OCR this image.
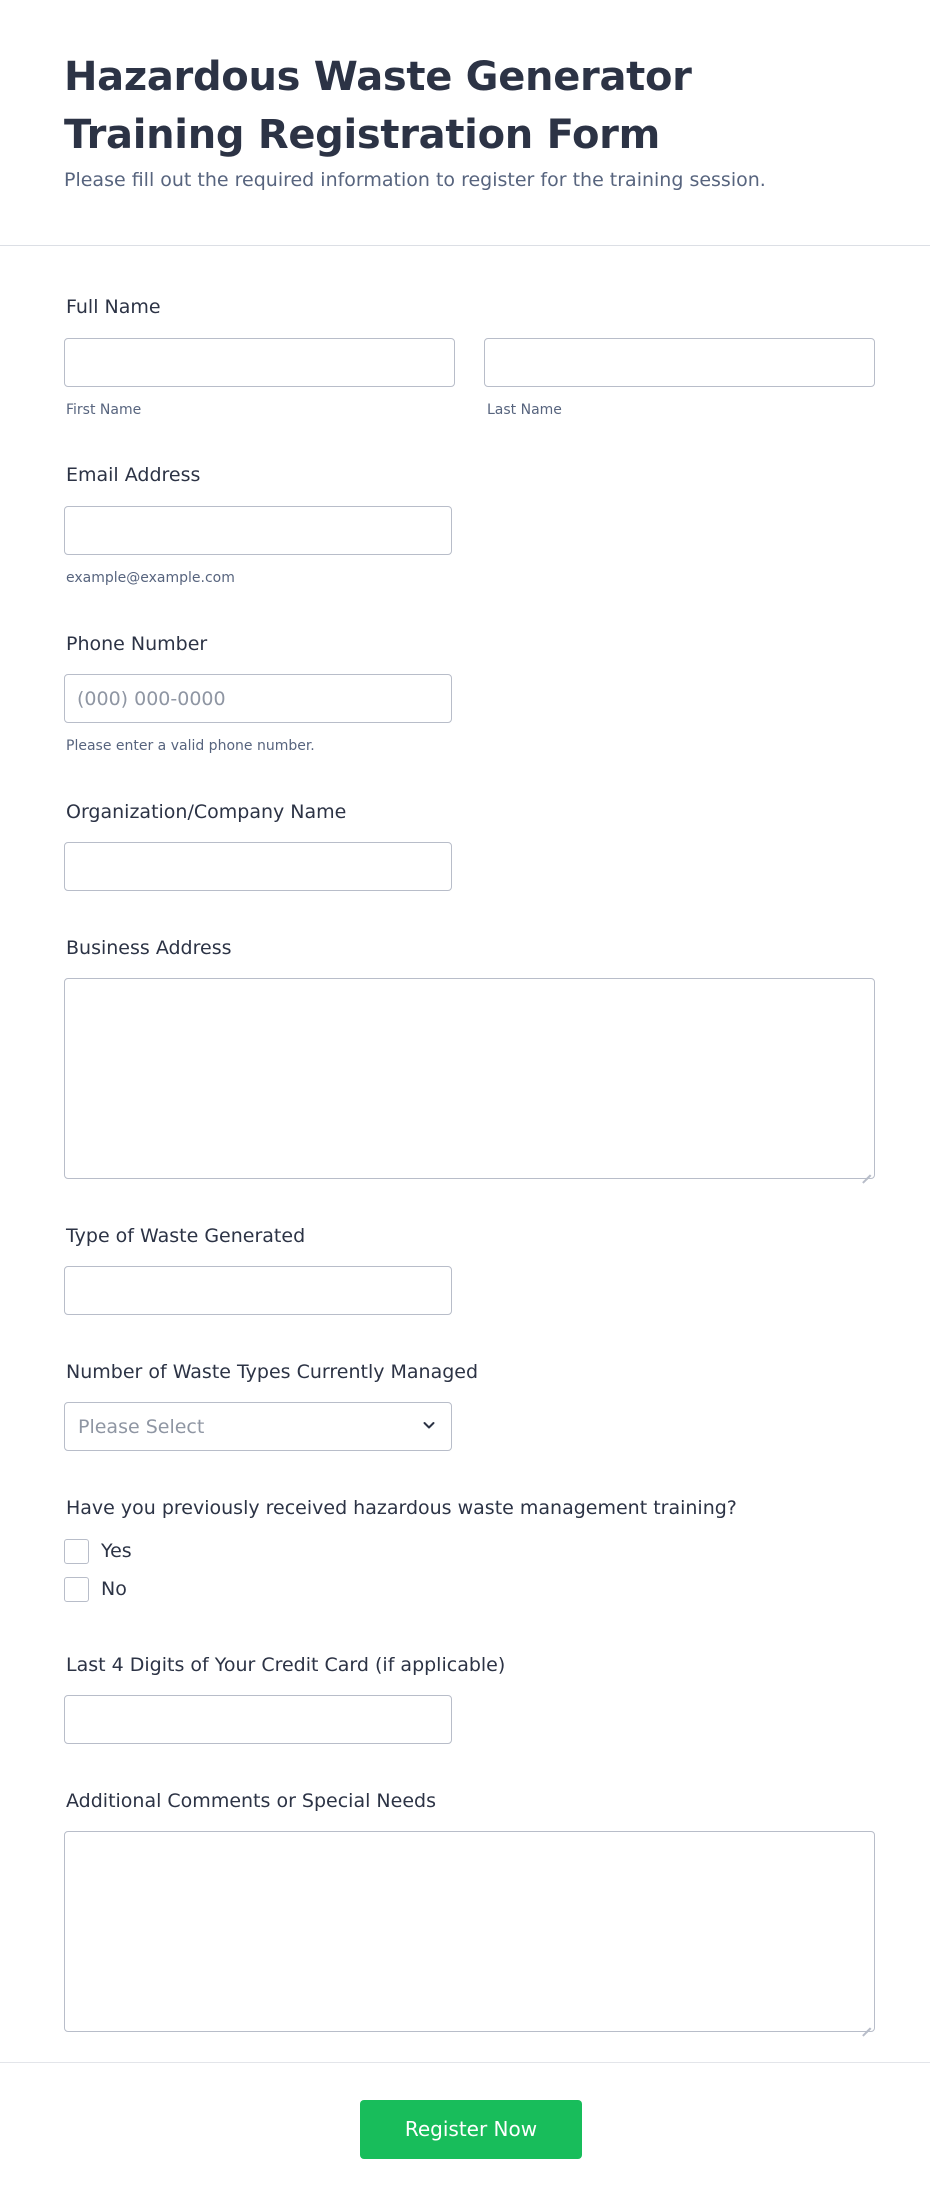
Hazardous Waste Generator Training Registration Form

Please fill out the required information to register for the training session.

Full Name
First Name	Last Name
Email Address
example@example.com
Phone Number
(000) 000-0000
Please enter a valid phone number.
Organization/Company Name
Business Address
Type of Waste Generated
Number of Waste Types Currently Managed
Please Select
Have you previously received hazardous waste management training?
Yes
No
Last 4 Digits of Your Credit Card (if applicable)
Additional Comments or Special Needs
Register Now
